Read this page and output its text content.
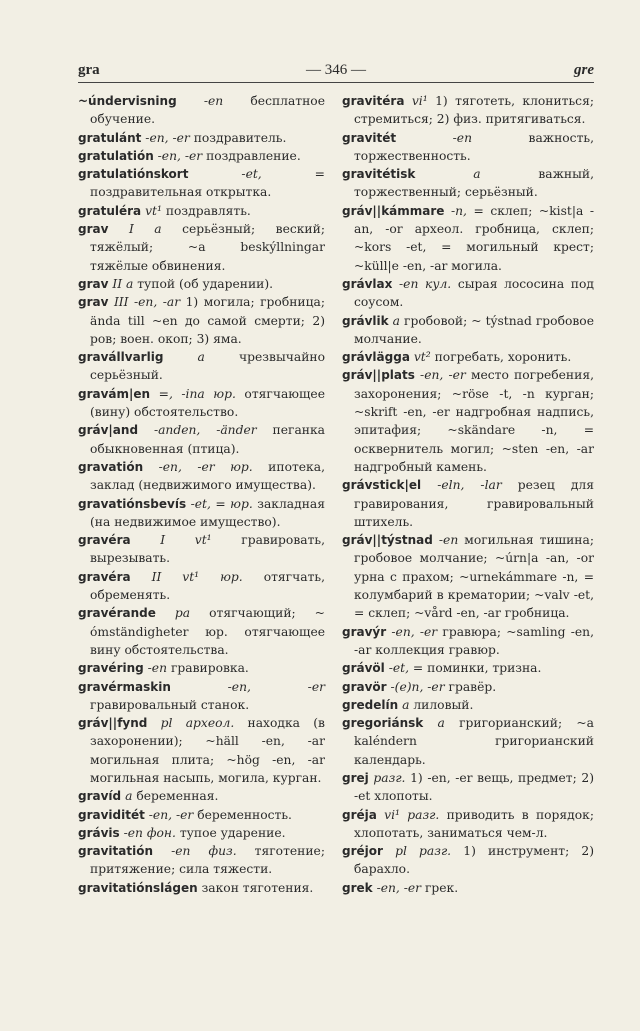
gra	— 346 —	gre

~úndervisning -en бесплатное обучение.

gratulánt -en, -er поздравитель.

gratulatión -en, -er поздравление.

gratulatiónskort	-et, = поздравительная открытка.

gratuléra vt¹ поздравлять.

grav I a серьёзный; веский; тяжёлый; ~a beskýllningar тяжёлые обвинения.

grav II a тупой (об ударении).

grav III -en, -ar 1) могила; гробница; ända till ~en до самой смерти; 2) ров; воен. окоп; 3) яма.

gravállvarlig	a	чрезвычайно серьёзный.

gravám|en =, -ina юр. отягчающее (вину) обстоятельство.

gráv|and -anden, -änder пеганка обыкновенная (птица).

gravatión -en, -er юр. ипотека, заклад (недвижимого имущества).

gravatiónsbevís -et, = юр. закладная (на недвижимое имущество).

gravéra I vt¹ гравировать, вырезывать.

gravéra II vt¹ юр. отягчать, обременять.

gravérande pa отягчающий; ~ ómständigheter юр. отягчающее вину обстоятельства.

gravéring -en гравировка.

gravérmaskin	-en, -er гравировальный станок.

gráv||fynd pl археол. находка (в захоронении); ~häll -en, -ar могильная плита; ~hög -en, -ar могильная насыпь, могила, курган.

gravíd a беременная.

graviditét -en, -er беременность.

grávis -en фон. тупое ударение.

gravitatión -en физ. тяготение; притяжение; сила тяжести.

gravitatiónslágen закон тяготения.

gravitéra vi¹ 1) тяготеть, клониться; стремиться; 2) физ. притягиваться.

gravitét	-en	важность, торжественность.

gravitétisk	a	важный, торжественный; серьёзный.

gráv||kámmare -n, = склеп; ~kist|a -an, -or археол. гробница, склеп; ~kors -et, = могильный крест; ~küll|e -en, -ar могила.

grávlax -en кул. сырая лососина под соусом.

grávlik a гробовой; ~ týstnad гробовое молчание.

grávlägga vt² погребать, хоронить.

gráv||plats -en, -er место погребения, захоронения; ~röse -t, -n курган; ~skrift -en, -er надгробная надпись, эпитафия; ~skändare -n, = осквернитель могил; ~sten -en, -ar надгробный камень.

grávstick|el -eln, -lar резец для гравирования, гравировальный штихель.

gráv||týstnad -en могильная тишина; гробовое молчание; ~úrn|a -an, -or урна с прахом; ~urnekámmare -n, = колумбарий в крематории; ~valv -et, = склеп; ~vård -en, -ar гробница.

gravýr -en, -er гравюра; ~samling -en, -ar коллекция гравюр.

grávöl -et, = поминки, тризна.

gravör -(e)n, -er гравёр.

gredelín a лиловый.

gregoriánsk a григорианский; ~a kaléndern григорианский календарь.

grej разг. 1) -en, -er вещь, предмет; 2) -et хлопоты.

gréja vi¹ разг. приводить в порядок; хлопотать, заниматься чем-л.

gréjor pl разг. 1) инструмент; 2) барахло.

grek -en, -er грек.
